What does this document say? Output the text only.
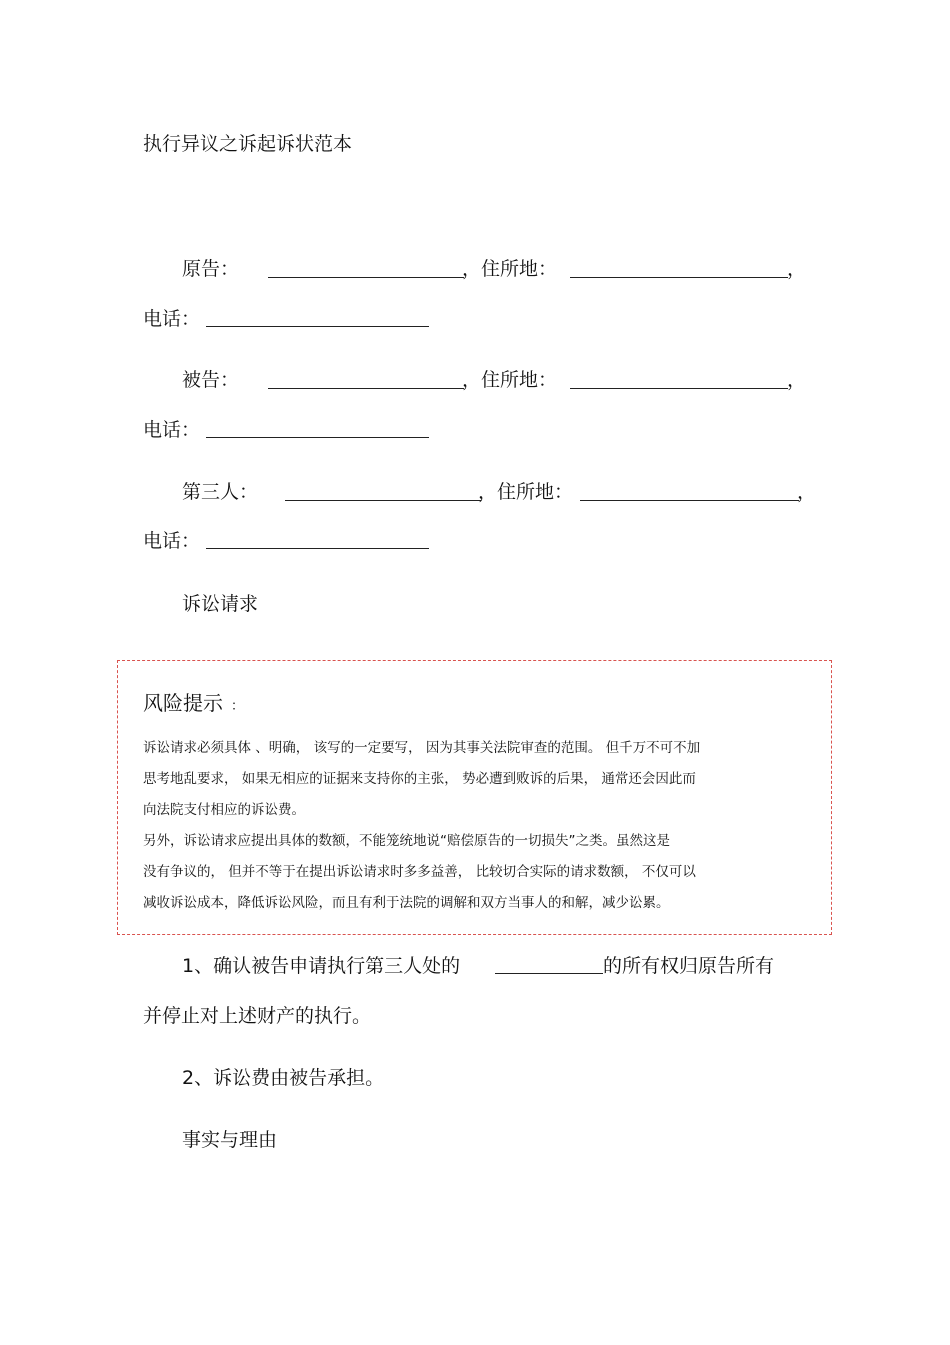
执行异议之诉起诉状范本
原告：	，住所地：	，
电话：
被告：	，住所地：	，
电话：
第三人：	，住所地：	，
电话：
诉讼请求
风险提示 ：
诉讼请求必须具体 、明确， 该写的一定要写， 因为其事关法院审查的范围。 但千万不可不加
思考地乱要求， 如果无相应的证据来支持你的主张， 势必遭到败诉的后果， 通常还会因此而
向法院支付相应的诉讼费。
另外，诉讼请求应提出具体的数额，不能笼统地说“赔偿原告的一切损失”之类。虽然这是
没有争议的， 但并不等于在提出诉讼请求时多多益善， 比较切合实际的请求数额， 不仅可以
减收诉讼成本，降低诉讼风险，而且有利于法院的调解和双方当事人的和解，减少讼累。
1、确认被告申请执行第三人处的	的所有权归原告所有
并停止对上述财产的执行。
2、诉讼费由被告承担。
事实与理由
